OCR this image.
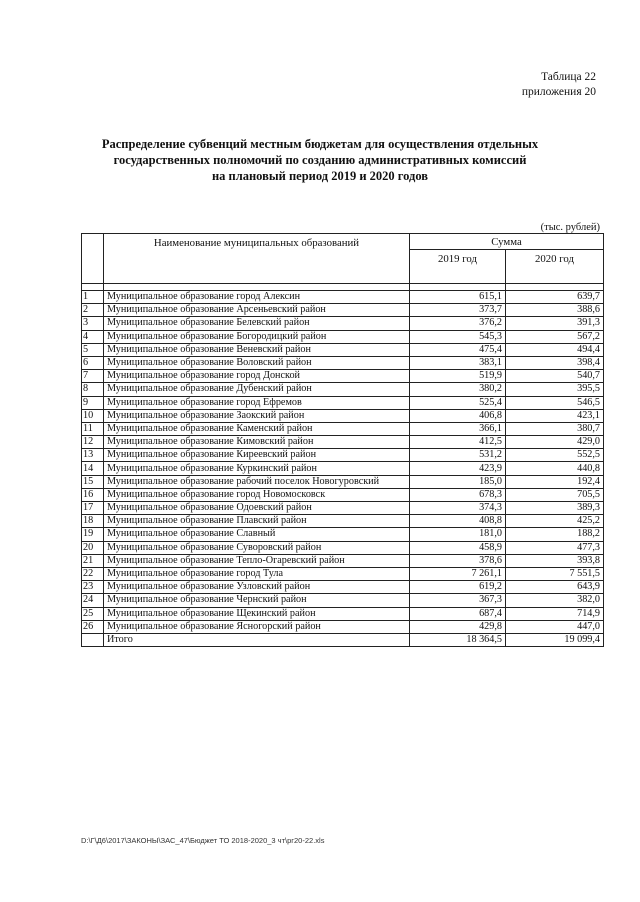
Таблица 22
приложения 20
Распределение субвенций местным бюджетам для осуществления отдельных
государственных полномочий по созданию административных комиссий
на плановый период 2019 и 2020 годов
(тыс. рублей)
	Наименование муниципальных образований	Сумма	
		2019 год	2020 год

1	Муниципальное образование город Алексин	615,1	639,7
2	Муниципальное образование Арсеньевский район	373,7	388,6
3	Муниципальное образование Белевский район	376,2	391,3
4	Муниципальное образование Богородицкий район	545,3	567,2
5	Муниципальное образование Веневский район	475,4	494,4
6	Муниципальное образование Воловский район	383,1	398,4
7	Муниципальное образование город Донской	519,9	540,7
8	Муниципальное образование Дубенский район	380,2	395,5
9	Муниципальное образование город Ефремов	525,4	546,5
10	Муниципальное образование Заокский район	406,8	423,1
11	Муниципальное образование Каменский район	366,1	380,7
12	Муниципальное образование Кимовский район	412,5	429,0
13	Муниципальное образование Киреевский район	531,2	552,5
14	Муниципальное образование Куркинский район	423,9	440,8
15	Муниципальное образование рабочий поселок Новогуровский	185,0	192,4
16	Муниципальное образование город Новомосковск	678,3	705,5
17	Муниципальное образование Одоевский район	374,3	389,3
18	Муниципальное образование Плавский район	408,8	425,2
19	Муниципальное образование Славный	181,0	188,2
20	Муниципальное образование Суворовский район	458,9	477,3
21	Муниципальное образование Тепло-Огаревский район	378,6	393,8
22	Муниципальное образование город Тула	7 261,1	7 551,5
23	Муниципальное образование Узловский район	619,2	643,9
24	Муниципальное образование Чернский район	367,3	382,0
25	Муниципальное образование Щекинский район	687,4	714,9
26	Муниципальное образование Ясногорский район	429,8	447,0
	Итого	18 364,5	19 099,4
D:\Г\Д6\2017\ЗАКОНЫ\ЗАС_47\Бюджет ТО 2018-2020_3 чт\рг20-22.xls
